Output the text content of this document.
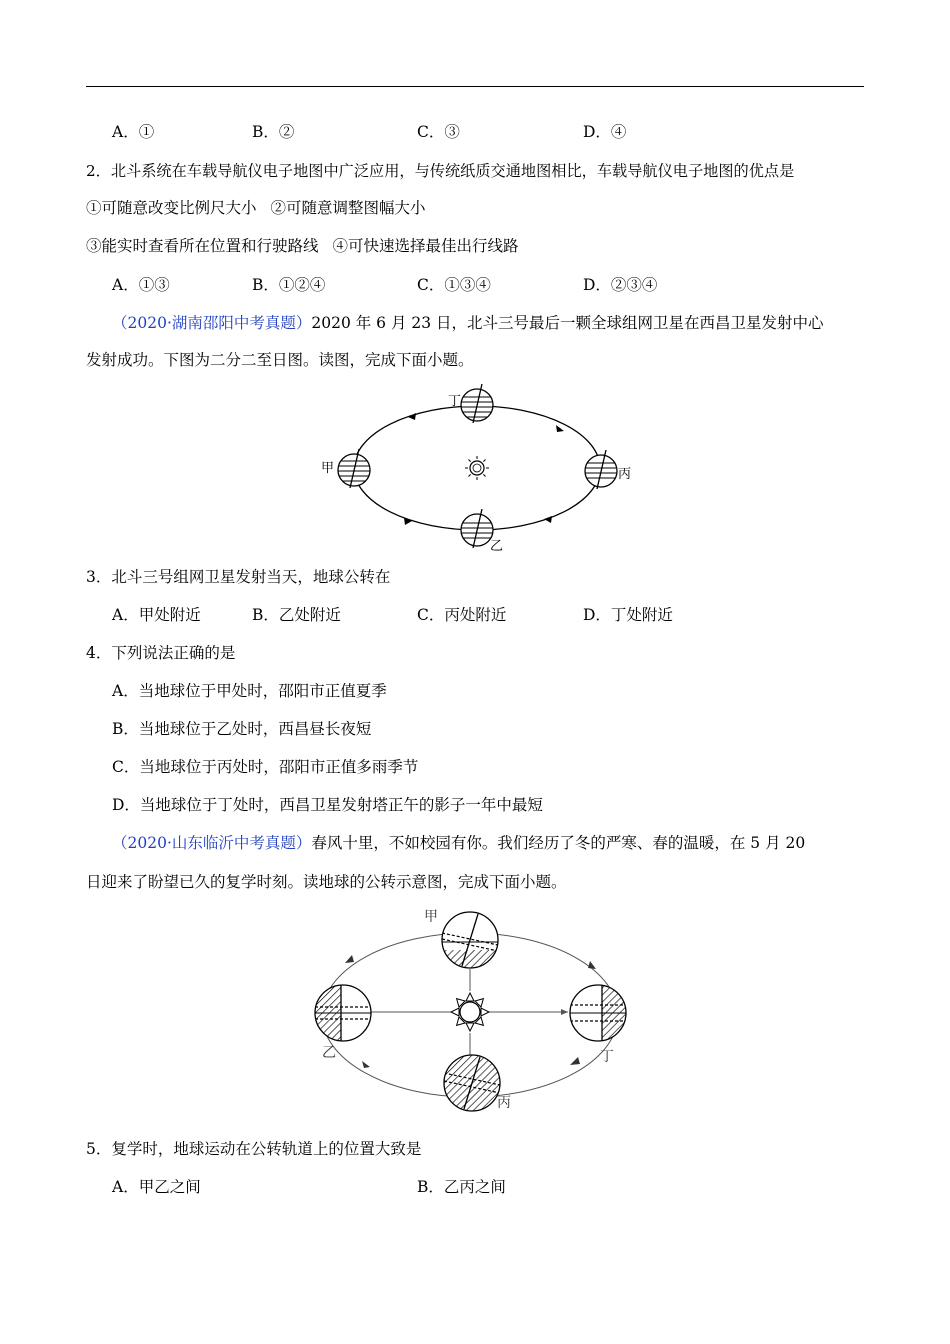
A．①	B．②	C．③	D．④
2．北斗系统在车载导航仪电子地图中广泛应用，与传统纸质交通地图相比，车载导航仪电子地图的优点是
①可随意改变比例尺大小 ②可随意调整图幅大小
③能实时查看所在位置和行驶路线 ④可快速选择最佳出行线路
A．①③	B．①②④	C．①③④	D．②③④
（2020·湖南邵阳中考真题）2020 年 6 月 23 日，北斗三号最后一颗全球组网卫星在西昌卫星发射中心
发射成功。下图为二分二至日图。读图，完成下面小题。
丁
甲	丙
乙
3．北斗三号组网卫星发射当天，地球公转在
A．甲处附近	B．乙处附近	C．丙处附近	D．丁处附近
4．下列说法正确的是
A．当地球位于甲处时，邵阳市正值夏季
B．当地球位于乙处时，西昌昼长夜短
C．当地球位于丙处时，邵阳市正值多雨季节
D．当地球位于丁处时，西昌卫星发射塔正午的影子一年中最短
（2020·山东临沂中考真题）春风十里，不如校园有你。我们经历了冬的严寒、春的温暖，在 5 月 20
日迎来了盼望已久的复学时刻。读地球的公转示意图，完成下面小题。
甲
乙
丙
丁
5．复学时，地球运动在公转轨道上的位置大致是
A．甲乙之间	B．乙丙之间
